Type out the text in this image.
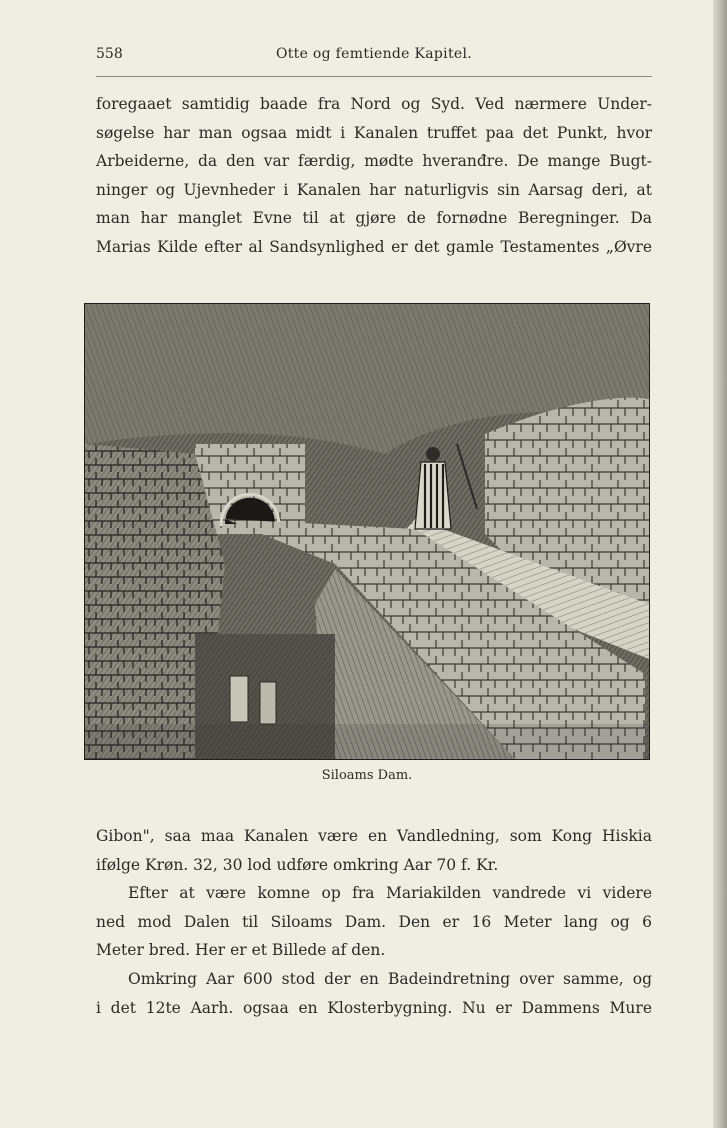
558	Otte og femtiende Kapitel.
foregaaet samtidig baade fra Nord og Syd. Ved nærmere Under-
søgelse har man ogsaa midt i Kanalen truffet paa det Punkt, hvor
Arbeiderne, da den var færdig, mødte hveranđre. De mange Bugt-
ninger og Ujevnheder i Kanalen har naturligvis sin Aarsag deri, at
man har manglet Evne til at gjøre de fornødne Beregninger. Da
Marias Kilde efter al Sandsynlighed er det gamle Testamentes „Øvre
Siloams Dam.
Gibon", saa maa Kanalen være en Vandledning, som Kong Hiskia
ifølge Krøn. 32, 30 lod udføre omkring Aar 70 f. Kr.
Efter at være komne op fra Mariakilden vandrede vi videre
ned mod Dalen til Siloams Dam. Den er 16 Meter lang og 6
Meter bred. Her er et Billede af den.
Omkring Aar 600 stod der en Badeindretning over samme, og
i det 12te Aarh. ogsaa en Klosterbygning. Nu er Dammens Mure
